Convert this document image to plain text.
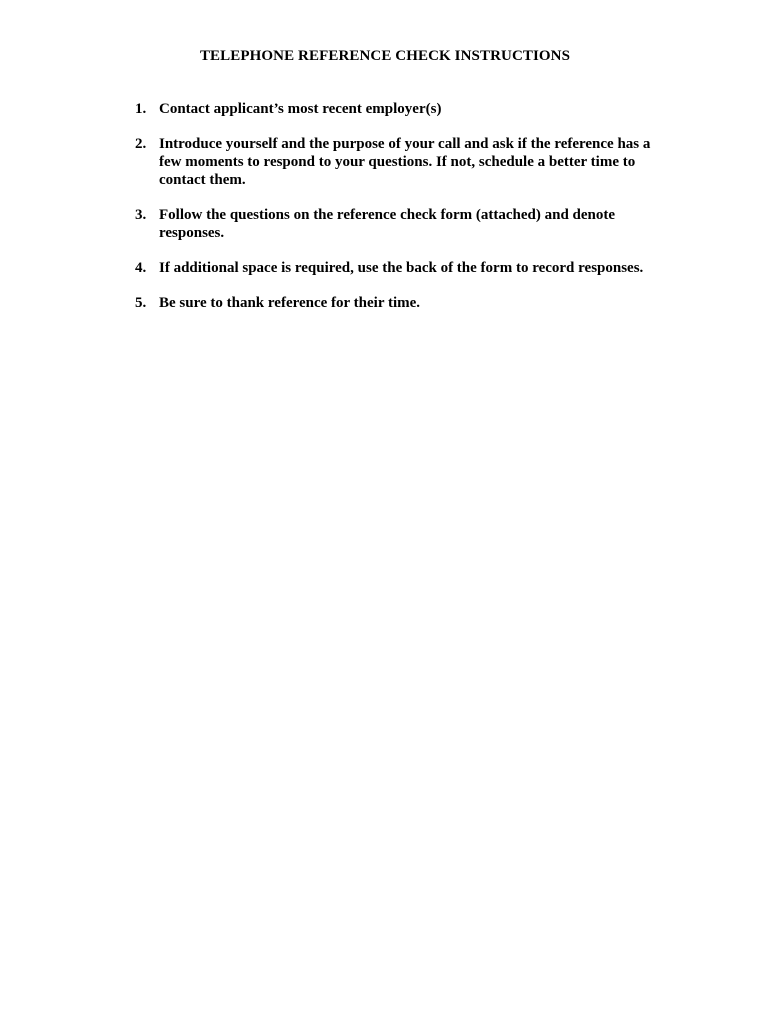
TELEPHONE REFERENCE CHECK INSTRUCTIONS
1. Contact applicant’s most recent employer(s)
2. Introduce yourself and the purpose of your call and ask if the reference has a few moments to respond to your questions. If not, schedule a better time to contact them.
3. Follow the questions on the reference check form (attached) and denote responses.
4. If additional space is required, use the back of the form to record responses.
5. Be sure to thank reference for their time.
